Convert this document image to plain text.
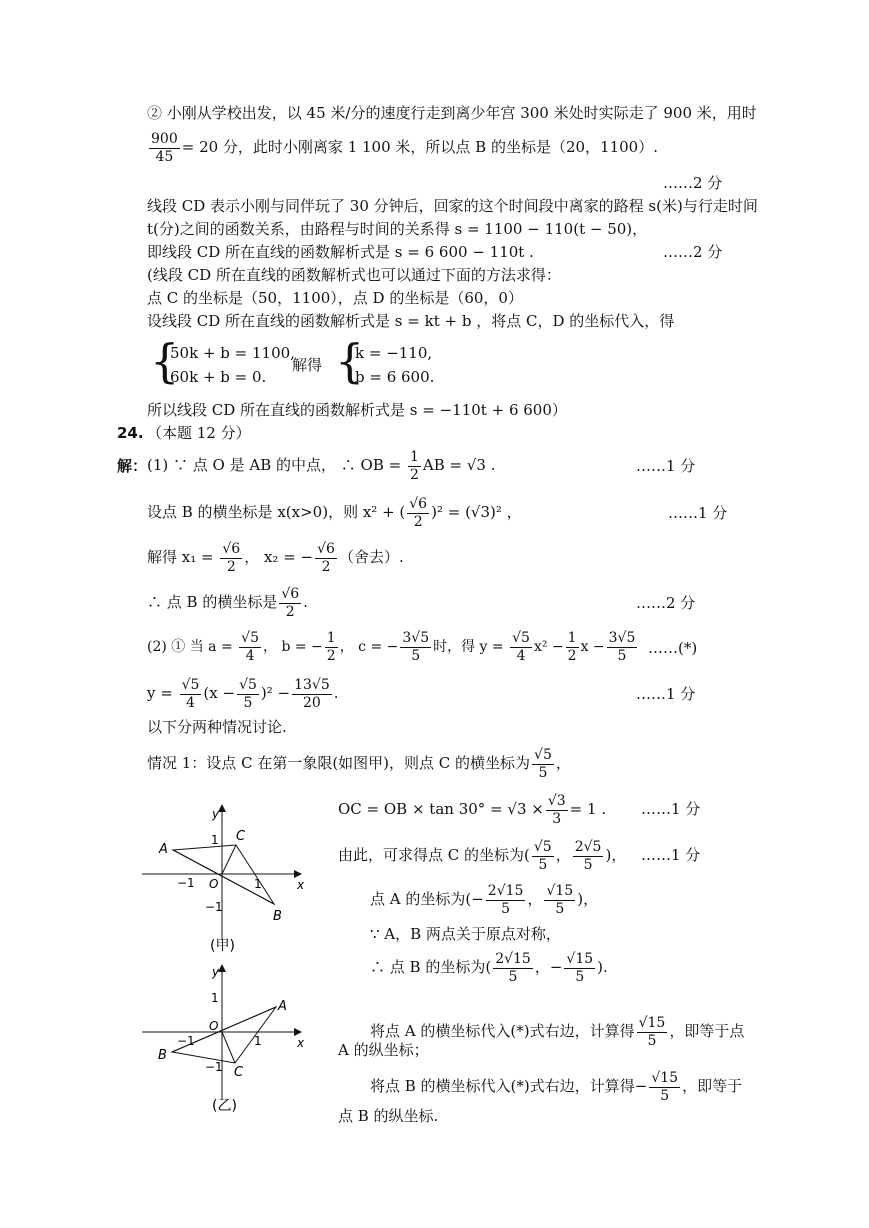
② 小刚从学校出发，以 45 米/分的速度行走到离少年宫 300 米处时实际走了 900 米，用时
$\frac{900}{45} = 20$ 分，此时小刚离家 1 100 米，所以点 B 的坐标是（20，1100）.
……2 分
线段 CD 表示小刚与同伴玩了 30 分钟后，回家的这个时间段中离家的路程 s(米)与行走时间
t(分)之间的函数关系，由路程与时间的关系得 s = 1100 − 110(t − 50)，
即线段 CD 所在直线的函数解析式是 s = 6 600 − 110t .	……2 分
(线段 CD 所在直线的函数解析式也可以通过下面的方法求得：
点 C 的坐标是（50，1100），点 D 的坐标是（60，0）
设线段 CD 所在直线的函数解析式是 s = kt + b ，将点 C，D 的坐标代入，得
{
50k + b = 1100,
60k + b = 0.
解得 {
k = −110,
b = 6 600.
所以线段 CD 所在直线的函数解析式是 s = −110t + 6 600）
24. （本题 12 分）
解： (1) ∵ 点 O 是 AB 的中点， ∴ OB = $\frac{1}{2}$ AB = √3 .	……1 分
设点 B 的横坐标是 x(x>0)，则 x² + ( $\frac{√6}{2} )^2 = (√3)^2$ ，	……1 分
解得 $x_1 = \frac{√6}{2}$ ， x₂ = − $\frac{√6}{2}$ （舍去）.
∴ 点 B 的横坐标是 $\frac{√6}{2}$ .	……2 分
(2) ① 当 $a = \frac{√5}{4}$ ， b = − $\frac{1}{2}$ ， c = − $\frac{3√5}{5}$ 时，得 $y = \frac{√5}{4} x^2 - \frac{1}{2}$ $x - \frac{3√5}{5}$ ……(*)
$y = \frac{√5}{4} (x - \frac{√5}{5} )^2 - \frac{13√5}{20}$ .	……1 分
以下分两种情况讨论.
情况 1：设点 C 在第一象限(如图甲)，则点 C 的横坐标为 $\frac{√5}{5}$ ，
OC = OB × $\tan 30^\circ = √3 \times \frac{√3}{3} = 1$ . ……1 分
由此，可求得点 C 的坐标为( $\frac{√5}{5}$ ， $\frac{2√5}{5}$ )， ……1 分
点 A 的坐标为(− $\frac{2√15}{5}$ ， $\frac{√15}{5}$ )，
∵ A，B 两点关于原点对称，
∴ 点 B 的坐标为( $\frac{2√15}{5}$ ，− $\frac{√15}{5}$ ).
将点 A 的横坐标代入(*)式右边，计算得 $\frac{√15}{5}$ ，即等于点
A 的纵坐标；
将点 B 的横坐标代入(*)式右边，计算得− $\frac{√15}{5}$ ，即等于
点 B 的纵坐标.
y
x
1
−1
−1	1
O
A
B
C
(甲)
y
x
1
−1
−1	1
O
A
B
C
(乙)
